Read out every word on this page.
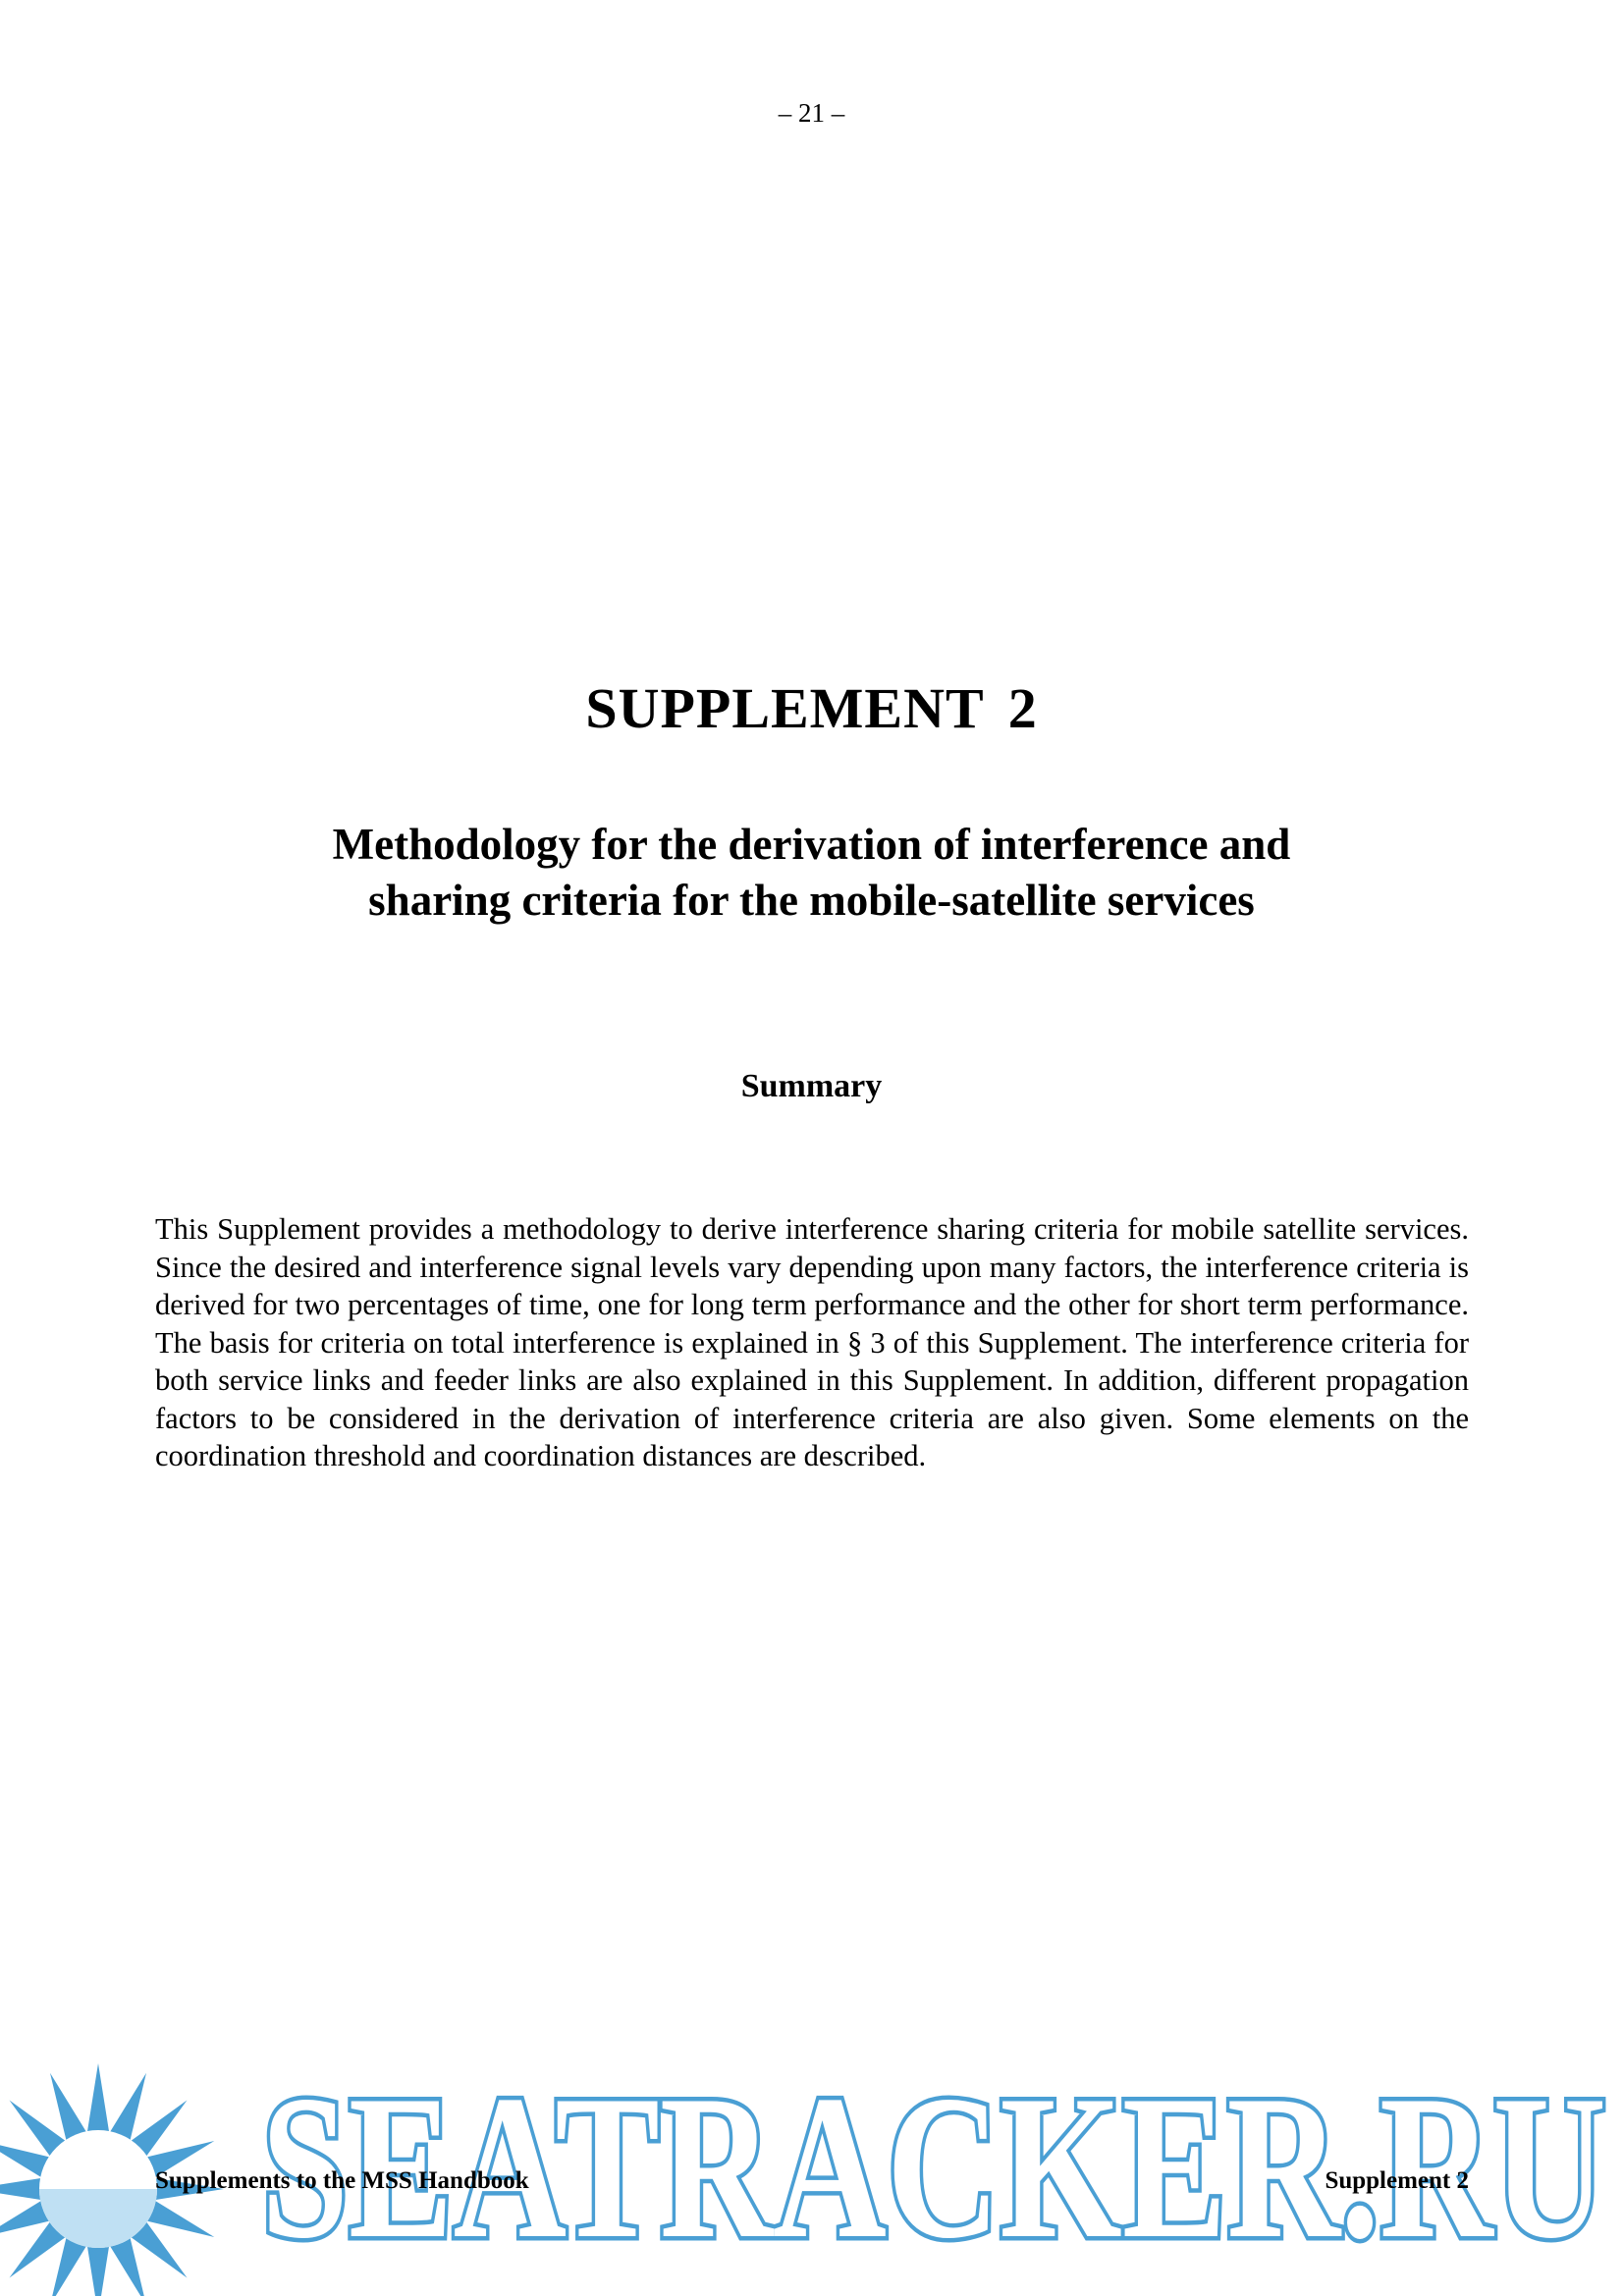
– 21 –
SUPPLEMENT 2
Methodology for the derivation of interference and
sharing criteria for the mobile-satellite services
Summary

This Supplement provides a methodology to derive interference sharing criteria for mobile satellite services. Since the desired and interference signal levels vary depending upon many factors, the interference criteria is derived for two percentages of time, one for long term performance and the other for short term performance. The basis for criteria on total interference is explained in § 3 of this Supplement. The interference criteria for both service links and feeder links are also explained in this Supplement. In addition, different propagation factors to be considered in the derivation of interference criteria are also given. Some elements on the coordination threshold and coordination distances are described.

SEATRACKER.RU
Supplements to the MSS Handbook	Supplement 2
